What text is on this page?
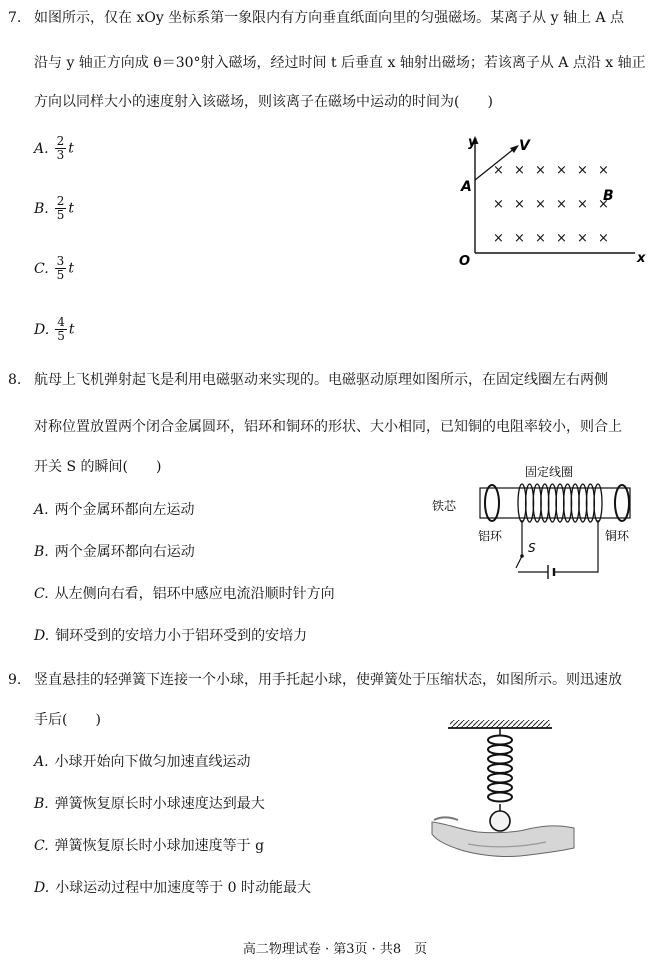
7. 如图所示，仅在 xOy 坐标系第一象限内有方向垂直纸面向里的匀强磁场。某离子从 y 轴上 A 点
沿与 y 轴正方向成 θ＝30°射入磁场，经过时间 t 后垂直 x 轴射出磁场；若该离子从 A 点沿 x 轴正
方向以同样大小的速度射入该磁场，则该离子在磁场中运动的时间为(　　)
A. $\frac{2}{3}$ t
B. $\frac{2}{5}$ t
C. $\frac{3}{5}$ t
D. $\frac{4}{5}$ t
y
x
O
A
B
V
× × × × × ×
× × × × × ×
× × × × × ×
8. 航母上飞机弹射起飞是利用电磁驱动来实现的。电磁驱动原理如图所示，在固定线圈左右两侧
对称位置放置两个闭合金属圆环，铝环和铜环的形状、大小相同，已知铜的电阻率较小，则合上
开关 S 的瞬间(　　)
A. 两个金属环都向左运动
B. 两个金属环都向右运动
C. 从左侧向右看，铝环中感应电流沿顺时针方向
D. 铜环受到的安培力小于铝环受到的安培力
固定线圈
铁芯
铝环	铜环
S
9. 竖直悬挂的轻弹簧下连接一个小球，用手托起小球，使弹簧处于压缩状态，如图所示。则迅速放
手后(　　)
A. 小球开始向下做匀加速直线运动
B. 弹簧恢复原长时小球速度达到最大
C. 弹簧恢复原长时小球加速度等于 g
D. 小球运动过程中加速度等于 0 时动能最大
高二物理试卷 · 第3页 · 共8　页
